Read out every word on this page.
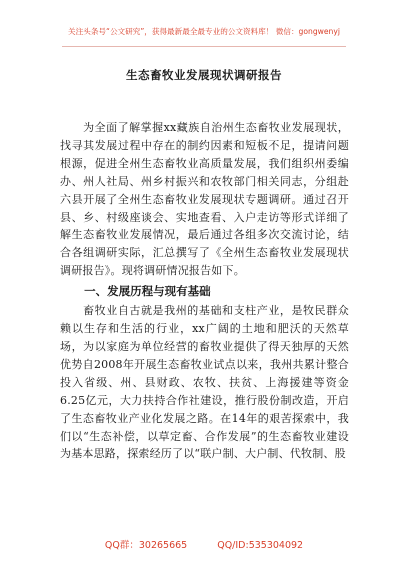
关注头条号“公文研究”，获得最新最全最专业的公文资料库！ 微信：gongwenyj
生态畜牧业发展现状调研报告

为全面了解掌握xx藏族自治州生态畜牧业发展现状，找寻其发展过程中存在的制约因素和短板不足，提请问题根源，促进全州生态畜牧业高质量发展，我们组织州委编办、州人社局、州乡村振兴和农牧部门相关同志，分组赴六县开展了全州生态畜牧业发展现状专题调研。通过召开县、乡、村级座谈会、实地查看、入户走访等形式详细了解生态畜牧业发展情况，最后通过各组多次交流讨论，结合各组调研实际，汇总撰写了《全州生态畜牧业发展现状调研报告》。现将调研情况报告如下。

一、发展历程与现有基础

畜牧业自古就是我州的基础和支柱产业，是牧民群众赖以生存和生活的行业，xx广阔的土地和肥沃的天然草场，为以家庭为单位经营的畜牧业提供了得天独厚的天然优势自2008年开展生态畜牧业试点以来，我州共累计整合投入省级、州、县财政、农牧、扶贫、上海援建等资金6.25亿元，大力扶持合作社建设，推行股份制改造，开启了生态畜牧业产业化发展之路。在14年的艰苦探索中，我们以“生态补偿，以草定畜、合作发展”的生态畜牧业建设为基本思路，探索经历了以“联户制、大户制、代牧制、股

QQ群：30265665	QQ/ID:535304092
